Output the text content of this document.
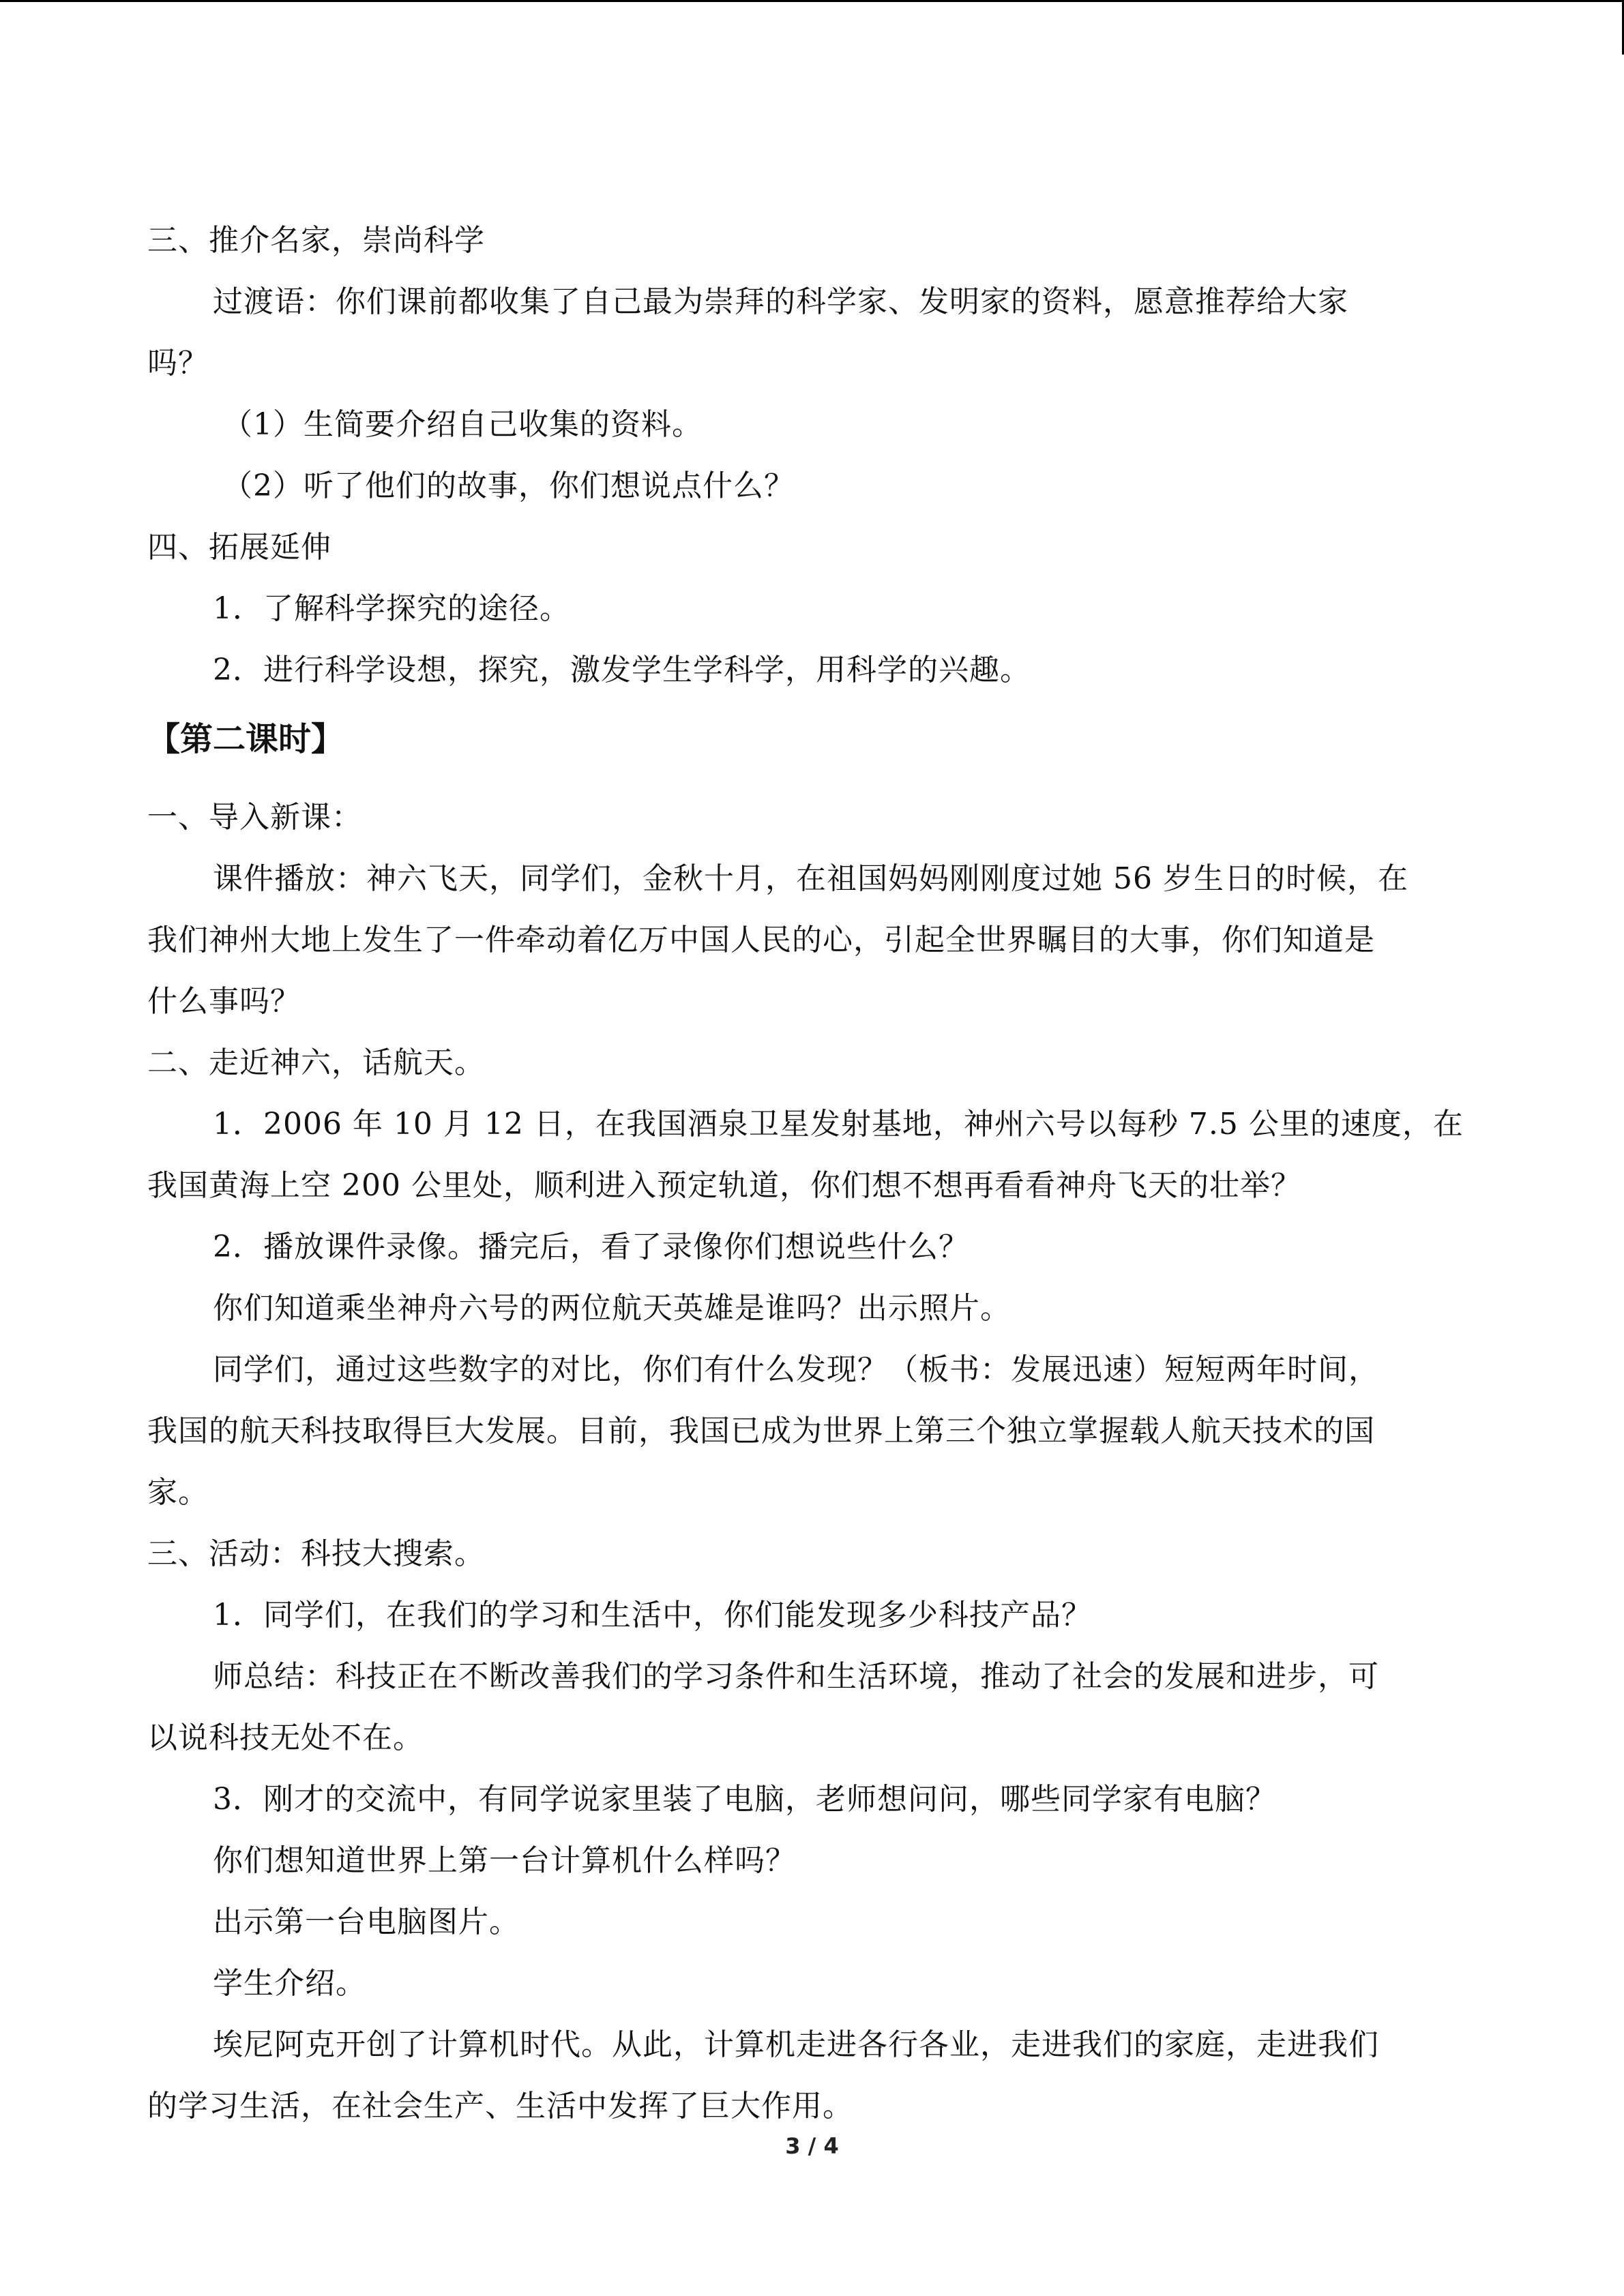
三、推介名家，崇尚科学
过渡语：你们课前都收集了自己最为崇拜的科学家、发明家的资料，愿意推荐给大家
吗？
（1）生简要介绍自己收集的资料。
（2）听了他们的故事，你们想说点什么？
四、拓展延伸
1．了解科学探究的途径。
2．进行科学设想，探究，激发学生学科学，用科学的兴趣。
【第二课时】
一、导入新课：
课件播放：神六飞天，同学们，金秋十月，在祖国妈妈刚刚度过她 56 岁生日的时候，在
我们神州大地上发生了一件牵动着亿万中国人民的心，引起全世界瞩目的大事，你们知道是
什么事吗？
二、走近神六，话航天。
1．2006 年 10 月 12 日，在我国酒泉卫星发射基地，神州六号以每秒 7.5 公里的速度，在
我国黄海上空 200 公里处，顺利进入预定轨道，你们想不想再看看神舟飞天的壮举？
2．播放课件录像。播完后，看了录像你们想说些什么？
你们知道乘坐神舟六号的两位航天英雄是谁吗？出示照片。
同学们，通过这些数字的对比，你们有什么发现？（板书：发展迅速）短短两年时间，
我国的航天科技取得巨大发展。目前，我国已成为世界上第三个独立掌握载人航天技术的国
家。
三、活动：科技大搜索。
1．同学们，在我们的学习和生活中，你们能发现多少科技产品？
师总结：科技正在不断改善我们的学习条件和生活环境，推动了社会的发展和进步，可
以说科技无处不在。
3．刚才的交流中，有同学说家里装了电脑，老师想问问，哪些同学家有电脑？
你们想知道世界上第一台计算机什么样吗？
出示第一台电脑图片。
学生介绍。
埃尼阿克开创了计算机时代。从此，计算机走进各行各业，走进我们的家庭，走进我们
的学习生活，在社会生产、生活中发挥了巨大作用。
3 / 4
